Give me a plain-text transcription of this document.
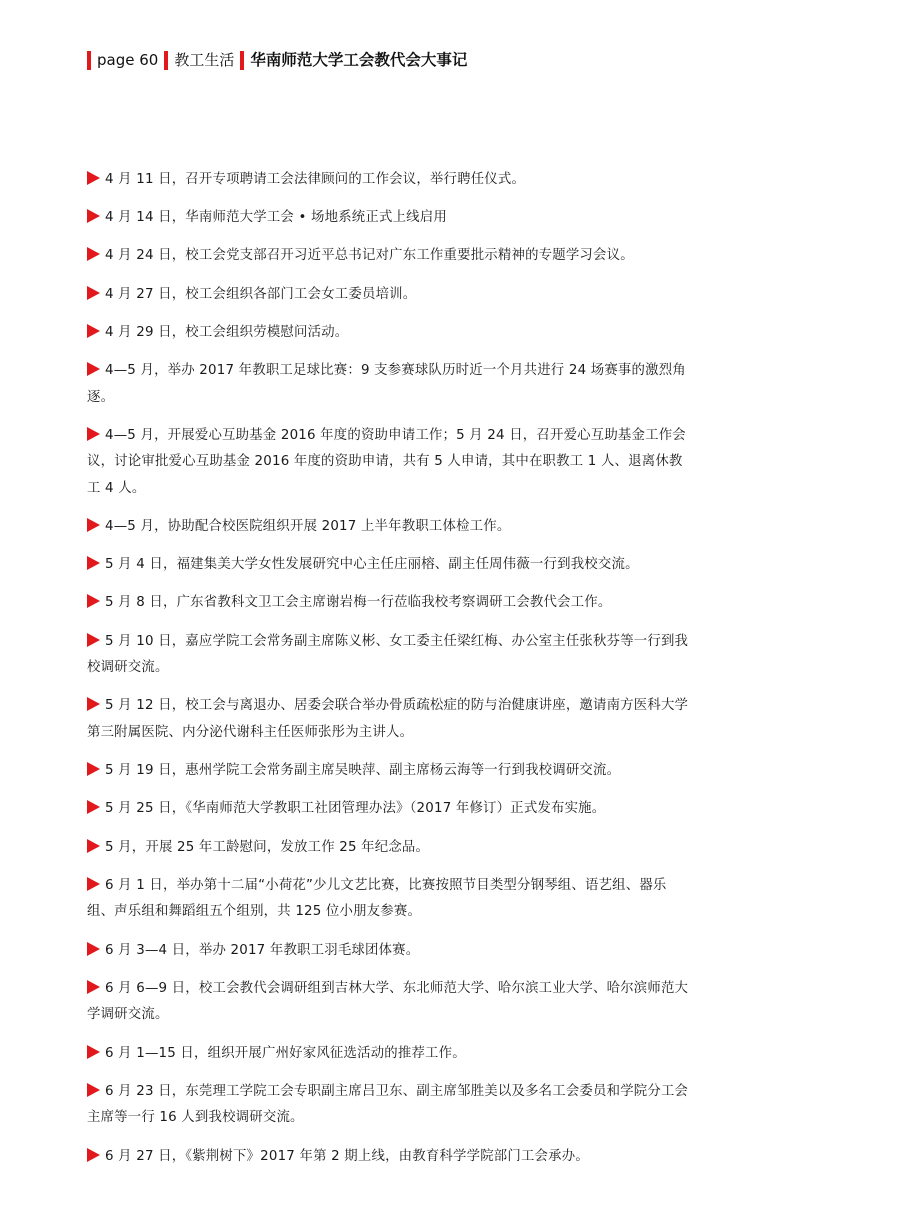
page 60 教工生活 华南师范大学工会教代会大事记
4 月 11 日，召开专项聘请工会法律顾问的工作会议，举行聘任仪式。
4 月 14 日，华南师范大学工会 • 场地系统正式上线启用
4 月 24 日，校工会党支部召开习近平总书记对广东工作重要批示精神的专题学习会议。
4 月 27 日，校工会组织各部门工会女工委员培训。
4 月 29 日，校工会组织劳模慰问活动。
4—5 月，举办 2017 年教职工足球比赛：9 支参赛球队历时近一个月共进行 24 场赛事的激烈角逐。
4—5 月，开展爱心互助基金 2016 年度的资助申请工作；5 月 24 日，召开爱心互助基金工作会议，讨论审批爱心互助基金 2016 年度的资助申请，共有 5 人申请，其中在职教工 1 人、退离休教工 4 人。
4—5 月，协助配合校医院组织开展 2017 上半年教职工体检工作。
5 月 4 日，福建集美大学女性发展研究中心主任庄丽榕、副主任周伟薇一行到我校交流。
5 月 8 日，广东省教科文卫工会主席谢岩梅一行莅临我校考察调研工会教代会工作。
5 月 10 日，嘉应学院工会常务副主席陈义彬、女工委主任梁红梅、办公室主任张秋芬等一行到我校调研交流。
5 月 12 日，校工会与离退办、居委会联合举办骨质疏松症的防与治健康讲座，邀请南方医科大学第三附属医院、内分泌代谢科主任医师张彤为主讲人。
5 月 19 日，惠州学院工会常务副主席吴映萍、副主席杨云海等一行到我校调研交流。
5 月 25 日，《华南师范大学教职工社团管理办法》（2017 年修订）正式发布实施。
5 月，开展 25 年工龄慰问，发放工作 25 年纪念品。
6 月 1 日，举办第十二届“小荷花”少儿文艺比赛，比赛按照节目类型分钢琴组、语艺组、器乐组、声乐组和舞蹈组五个组别，共 125 位小朋友参赛。
6 月 3—4 日，举办 2017 年教职工羽毛球团体赛。
6 月 6—9 日，校工会教代会调研组到吉林大学、东北师范大学、哈尔滨工业大学、哈尔滨师范大学调研交流。
6 月 1—15 日，组织开展广州好家风征选活动的推荐工作。
6 月 23 日，东莞理工学院工会专职副主席吕卫东、副主席邹胜美以及多名工会委员和学院分工会主席等一行 16 人到我校调研交流。
6 月 27 日，《紫荆树下》2017 年第 2 期上线，由教育科学学院部门工会承办。
